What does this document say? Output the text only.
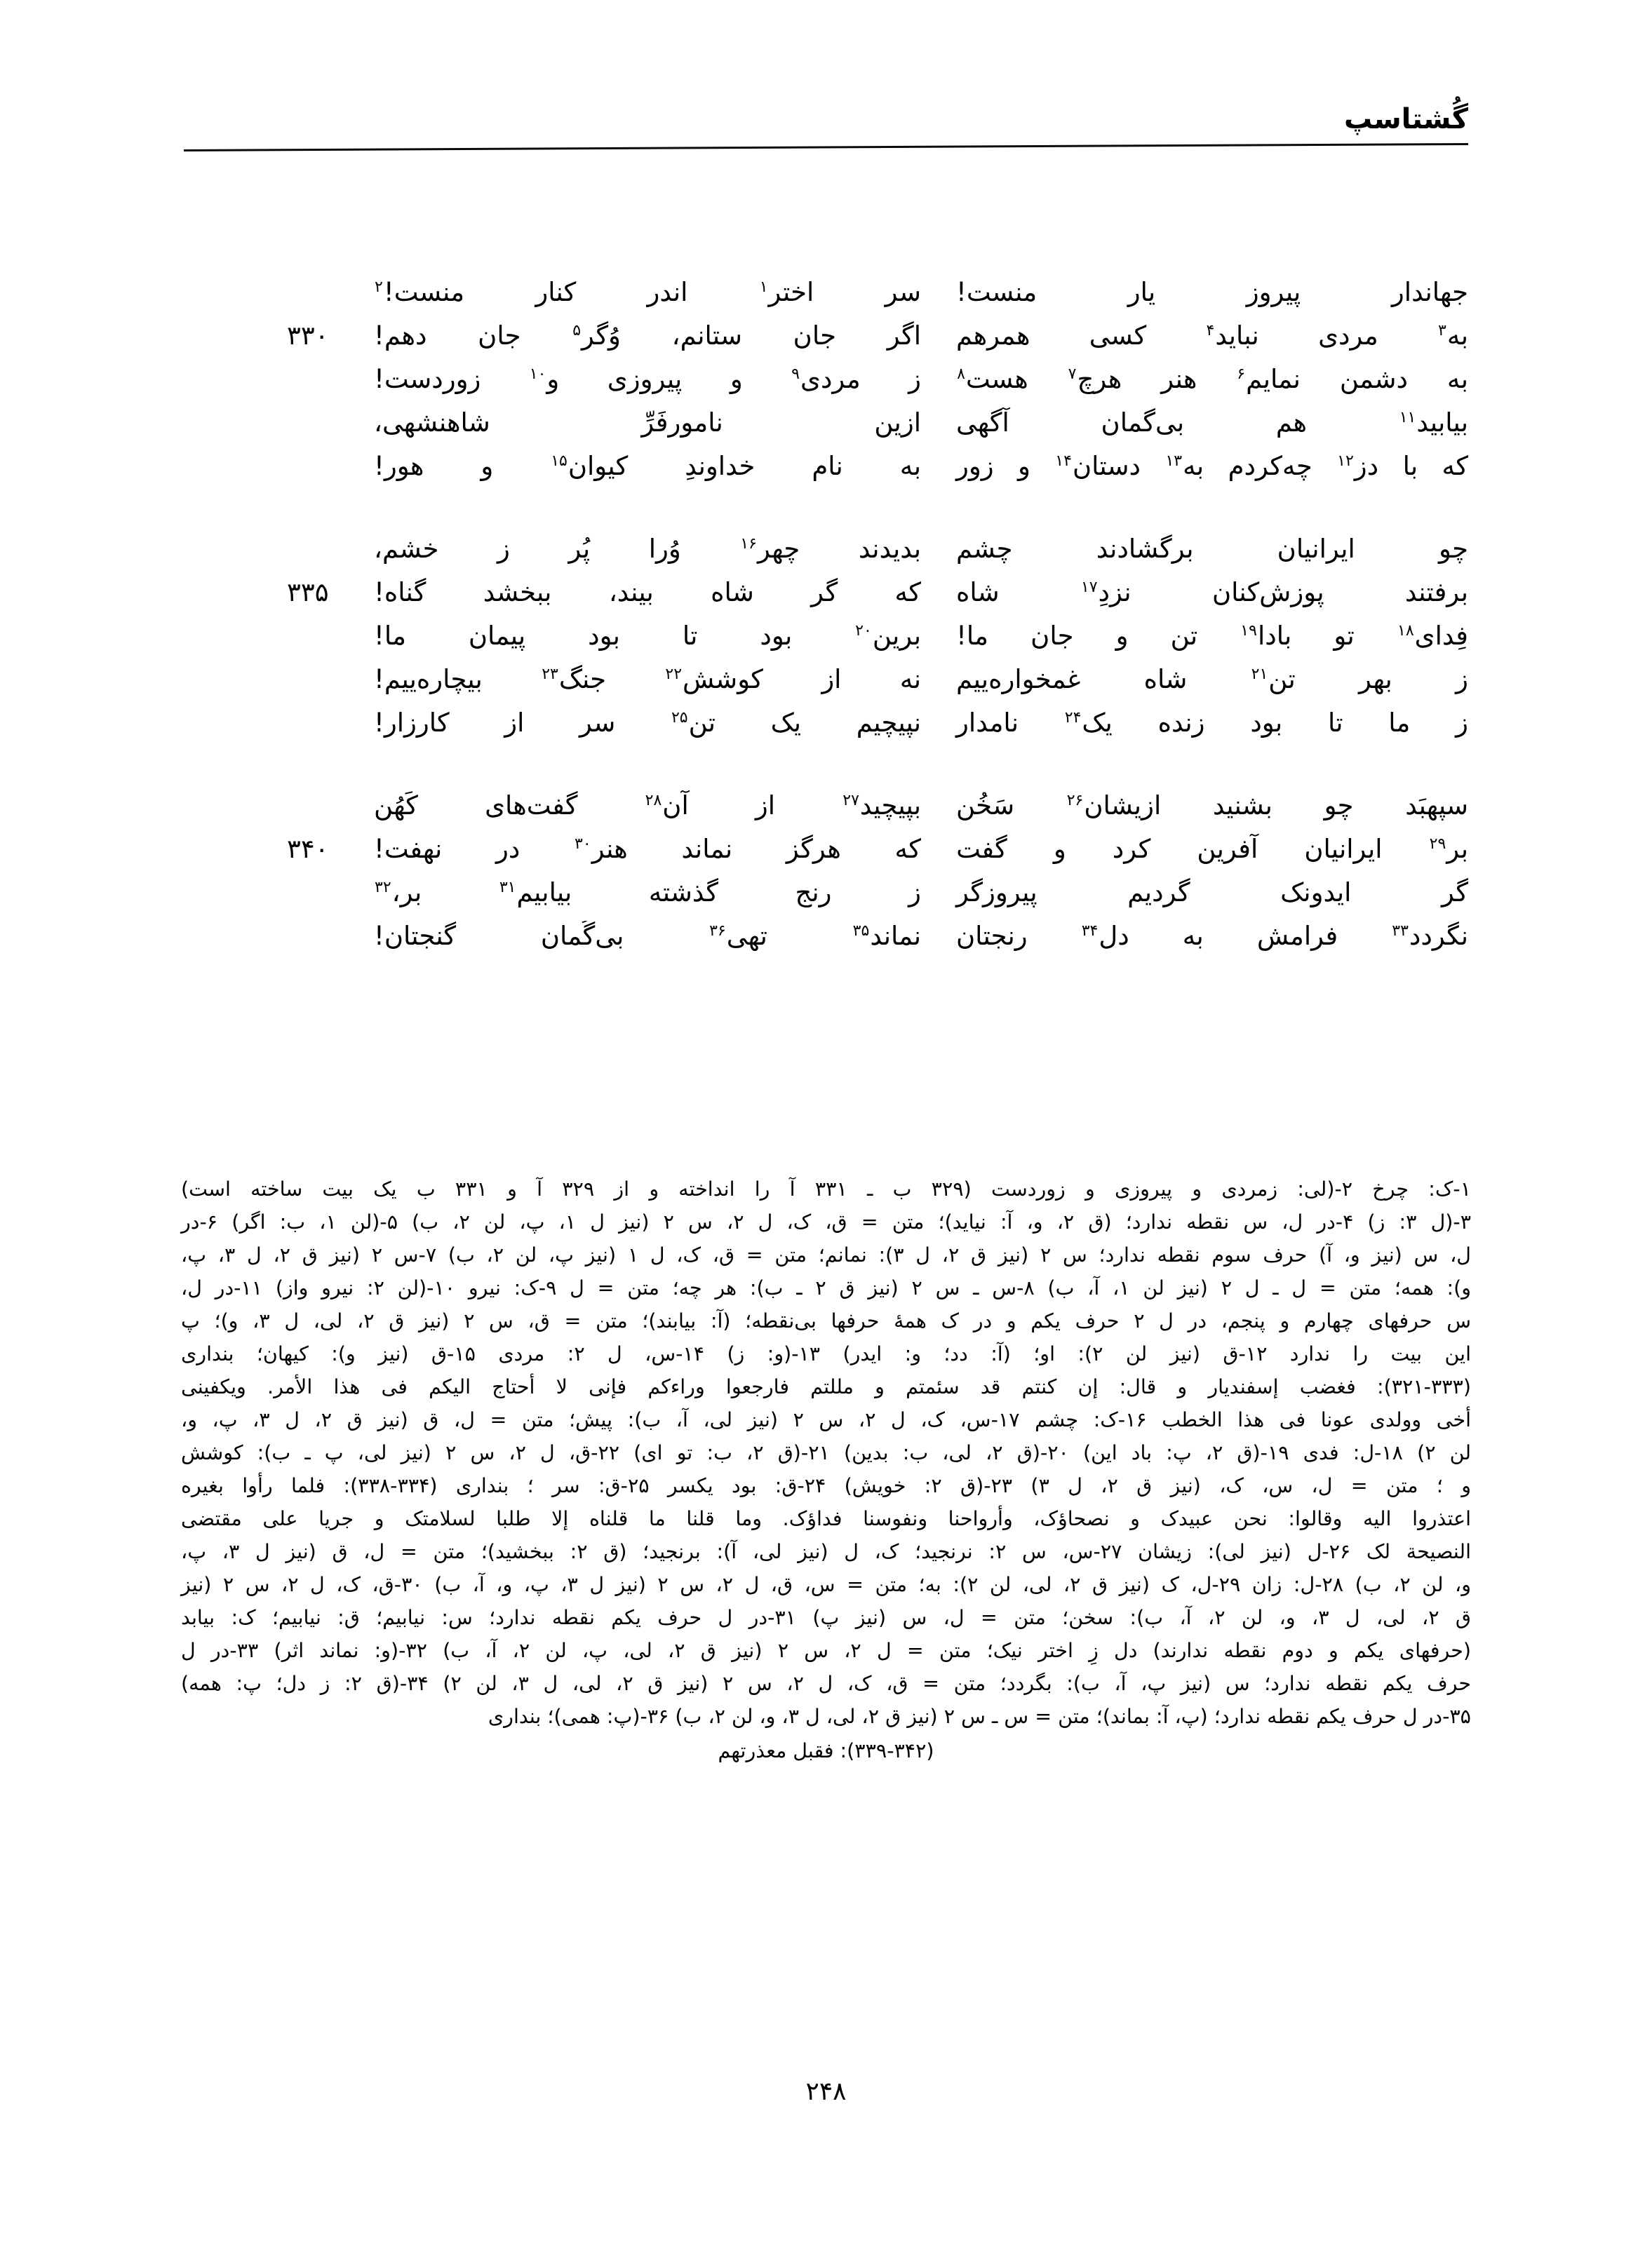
گُشتاسپ
جهاندارِ
پیروز
یارِ
منست!
سرِ
اختر$^۱$
اندر
کنارِ
منست!$^۲$
به$^۳$
مردی
نباید$^۴$
کسی
همرهم
اگر
جان
ستانم،
وُگر$^۵$
جان
دهم!
۳۳۰
به
دشمن
نمایم$^۶$
هنر
هرچ$^۷$
هست$^۸$
زِ
مردی$^۹$
و
پیروزی
و$^{۱۰}$
زوردست!
بیابید$^{۱۱}$
هم
بی‌گمان
آگهی
ازین
نامورفَرِّ
شاهنشهی،
که
با
دز$^{۱۲}$
چه‌کردم
به$^{۱۳}$
دستان$^{۱۴}$
و
زور
به
نام
خداوندِ
کیوان$^{۱۵}$
و
هور!
چو
ایرانیان
برگشادند
چشم
بدیدند
چهرِ$^{۱۶}$
وُرا
پُر
زِ
خشم،
برفتند
پوزش‌کنان
نزدِ$^{۱۷}$
شاه
که
گر
شاه
بیند،
ببخشد
گناه!
۳۳۵
فِدای$^{۱۸}$
تو
بادا$^{۱۹}$
تن
و
جانِ
ما!
برین$^{۲۰}$
بود
تا
بود
پیمانِ
ما!
زِ
بهرِ
تنِ$^{۲۱}$
شاه
غمخواره‌ییم
نه
از
کوشش$^{۲۲}$
جنگ$^{۲۳}$
بیچاره‌ییم!
ز
ما
تا
بود
زنده
یک$^{۲۴}$
نامدار
نپیچیم
یک
تن$^{۲۵}$
سر
از
کارزار!
سپهبَد
چو
بشنید
ازیشان$^{۲۶}$
سَخُن
بپیچید$^{۲۷}$
از
آن$^{۲۸}$
گفت‌های
کَهُن
بر$^{۲۹}$
ایرانیان
آفرین
کرد
و
گفت
که
هرگز
نماند
هنر$^{۳۰}$
در
نهفت!
۳۴۰
گر
ایدونک
گردیم
پیروزگر
زِ
رنج
گذشته
بیابیم$^{۳۱}$
بر،$^{۳۲}$
نگردد$^{۳۳}$
فرامش
به
دل$^{۳۴}$
رنجتان
نماند$^{۳۵}$
تهی$^{۳۶}$
بی‌گُمان
گنجتان!
۱-ک: چرخ ۲-(لی: زمردی و پیروزی و زوردست (۳۲۹ ب ـ ۳۳۱ آ را انداخته و از ۳۲۹ آ و ۳۳۱ ب یک بیت ساخته است)
۳-(ل ۳: ز) ۴-در ل، س نقطه ندارد؛ (ق ۲، و، آ: نیاید)؛ متن = ق، ک، ل ۲، س ۲ (نیز ل ۱، پ، لن ۲، ب) ۵-(لن ۱، ب: اگر) ۶-در
ل، س (نیز و، آ) حرف سوم نقطه ندارد؛ س ۲ (نیز ق ۲، ل ۳): نمانم؛ متن = ق، ک، ل ۱ (نیز پ، لن ۲، ب) ۷-س ۲ (نیز ق ۲، ل ۳، پ،
و): همه؛ متن = ل ـ ل ۲ (نیز لن ۱، آ، ب) ۸-س ـ س ۲ (نیز ق ۲ ـ ب): هر چه؛ متن = ل ۹-ک: نیرو ۱۰-(لن ۲: نیرو واز) ۱۱-در ل،
س حرفهای چهارم و پنجم، در ل ۲ حرف یکم و در ک همهٔ حرفها بی‌نقطه؛ (آ: بیابند)؛ متن = ق، س ۲ (نیز ق ۲، لی، ل ۳، و)؛ پ
این بیت را ندارد ۱۲-ق (نیز لن ۲): او؛ (آ: دد؛ و: ایدر) ۱۳-(و: ز) ۱۴-س، ل ۲: مردی ۱۵-ق (نیز و): کیهان؛ بنداری
(۳۲۱-۳۳۳): فغضب إسفندیار و قال: إن کنتم قد سئمتم و مللتم فارجعوا وراءکم فإنی لا أحتاج الیکم فی هذا الأمر. ویکفینی
أخی وولدی عونا فی هذا الخطب ۱۶-ک: چشم ۱۷-س، ک، ل ۲، س ۲ (نیز لی، آ، ب): پیش؛ متن = ل، ق (نیز ق ۲، ل ۳، پ، و،
لن ۲) ۱۸-ل: فدی ۱۹-(ق ۲، پ: باد این) ۲۰-(ق ۲، لی، ب: بدین) ۲۱-(ق ۲، ب: تو ای) ۲۲-ق، ل ۲، س ۲ (نیز لی، پ ـ ب): کوشش
و ؛ متن = ل، س، ک، (نیز ق ۲، ل ۳) ۲۳-(ق ۲: خویش) ۲۴-ق: بود یکسر ۲۵-ق: سر ؛ بنداری (۳۳۴-۳۳۸): فلما رأوا بغیره
اعتذروا الیه وقالوا: نحن عبیدک و نصحاؤک، وأرواحنا ونفوسنا فداؤک. وما قلنا ما قلناه إلا طلبا لسلامتک و جریا علی مقتضی
النصیحة لک ۲۶-ل (نیز لی): زیشان ۲۷-س، س ۲: نرنجید؛ ک، ل (نیز لی، آ): برنجید؛ (ق ۲: ببخشید)؛ متن = ل، ق (نیز ل ۳، پ،
و، لن ۲، ب) ۲۸-ل: زان ۲۹-ل، ک (نیز ق ۲، لی، لن ۲): به؛ متن = س، ق، ل ۲، س ۲ (نیز ل ۳، پ، و، آ، ب) ۳۰-ق، ک، ل ۲، س ۲ (نیز
ق ۲، لی، ل ۳، و، لن ۲، آ، ب): سخن؛ متن = ل، س (نیز پ) ۳۱-در ل حرف یکم نقطه ندارد؛ س: نیابیم؛ ق: نیابیم؛ ک: بیابد
(حرفهای یکم و دوم نقطه ندارند) دل زِ اختر نیک؛ متن = ل ۲، س ۲ (نیز ق ۲، لی، پ، لن ۲، آ، ب) ۳۲-(و: نماند اثر) ۳۳-در ل
حرف یکم نقطه ندارد؛ س (نیز پ، آ، ب): بگردد؛ متن = ق، ک، ل ۲، س ۲ (نیز ق ۲، لی، ل ۳، لن ۲) ۳۴-(ق ۲: ز دل؛ پ: همه)
۳۵-در ل حرف یکم نقطه ندارد؛ (پ، آ: بماند)؛ متن = س ـ س ۲ (نیز ق ۲، لی، ل ۳، و، لن ۲، ب) ۳۶-(پ: همی)؛ بنداری
(۳۳۹-۳۴۲): فقبل معذرتهم
۲۴۸
